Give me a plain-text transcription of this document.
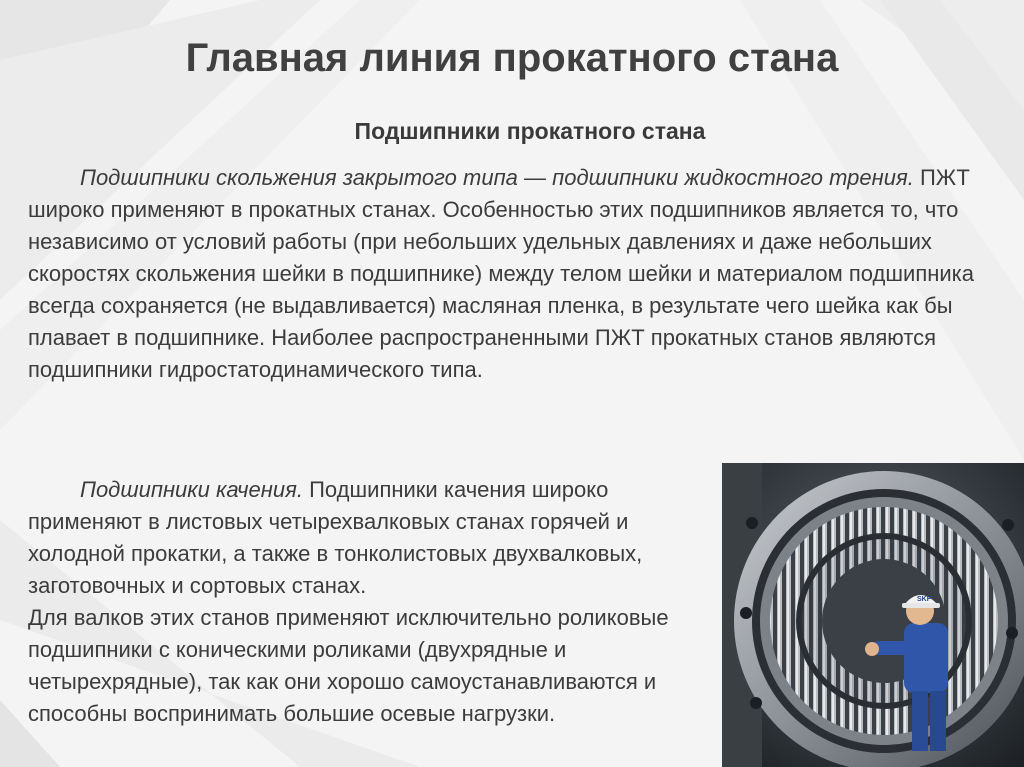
Главная линия прокатного стана
Подшипники прокатного стана

Подшипники скольжения закрытого типа — подшипники жидкостного трения. ПЖТ широко применяют в прокатных станах. Особенностью этих подшипников является то, что независимо от условий работы (при небольших удельных давлениях и даже небольших скоростях скольжения шейки в подшипнике) между телом шейки и материалом подшипника всегда сохраняется (не выдавливается) масляная пленка, в результате чего шейка как бы плавает в подшипнике. Наиболее распространенными ПЖТ прокатных станов являются подшипники гидростатодинамического типа.

Подшипники качения. Подшипники качения широко применяют в листовых четырехвалковых станах горячей и холодной прокатки, а также в тонколистовых двухвалковых, заготовочных и сортовых станах.
Для валков этих станов применяют исключительно роликовые подшипники с коническими роликами (двухрядные и четырехрядные), так как они хорошо самоустанавливаются и способны воспринимать большие осевые нагрузки.

SKF
